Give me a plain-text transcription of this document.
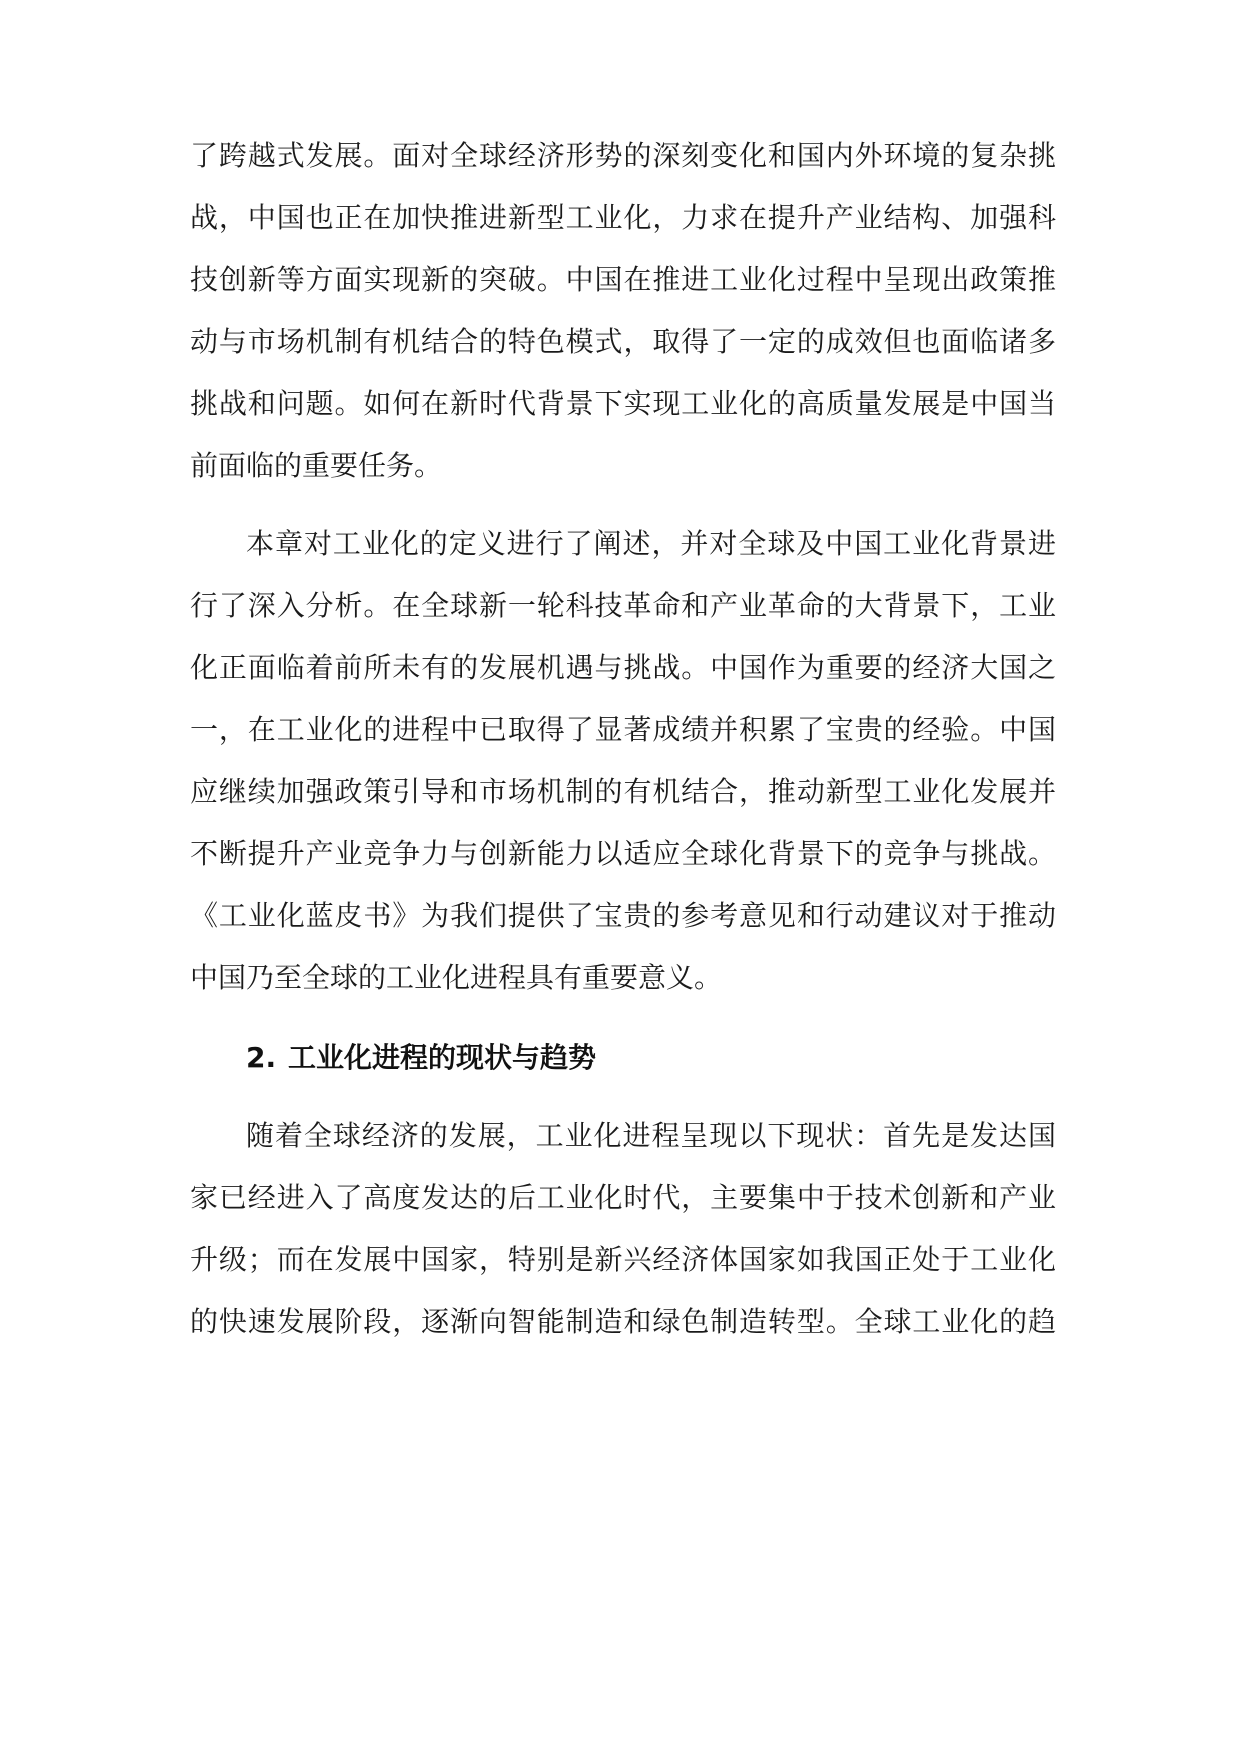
了跨越式发展。面对全球经济形势的深刻变化和国内外环境的复杂挑
战，中国也正在加快推进新型工业化，力求在提升产业结构、加强科
技创新等方面实现新的突破。中国在推进工业化过程中呈现出政策推
动与市场机制有机结合的特色模式，取得了一定的成效但也面临诸多
挑战和问题。如何在新时代背景下实现工业化的高质量发展是中国当
前面临的重要任务。
本章对工业化的定义进行了阐述，并对全球及中国工业化背景进
行了深入分析。在全球新一轮科技革命和产业革命的大背景下，工业
化正面临着前所未有的发展机遇与挑战。中国作为重要的经济大国之
一，在工业化的进程中已取得了显著成绩并积累了宝贵的经验。中国
应继续加强政策引导和市场机制的有机结合，推动新型工业化发展并
不断提升产业竞争力与创新能力以适应全球化背景下的竞争与挑战。
《工业化蓝皮书》为我们提供了宝贵的参考意见和行动建议对于推动
中国乃至全球的工业化进程具有重要意义。
2. 工业化进程的现状与趋势
随着全球经济的发展，工业化进程呈现以下现状：首先是发达国
家已经进入了高度发达的后工业化时代，主要集中于技术创新和产业
升级；而在发展中国家，特别是新兴经济体国家如我国正处于工业化
的快速发展阶段，逐渐向智能制造和绿色制造转型。全球工业化的趋
